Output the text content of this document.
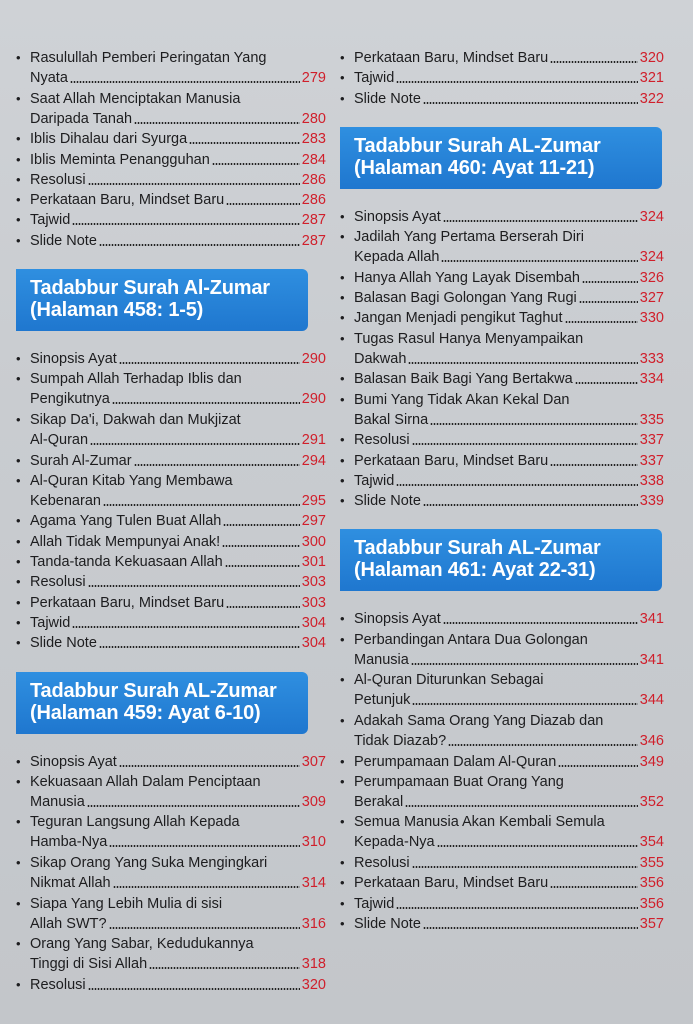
• Rasulullah Pemberi Peringatan Yang
Nyata	279
• Saat Allah Menciptakan Manusia
Daripada Tanah	280
• Iblis Dihalau dari Syurga	283
• Iblis Meminta Penangguhan	284
• Resolusi	286
• Perkataan Baru, Mindset Baru	286
• Tajwid	287
• Slide Note	287
Tadabbur Surah Al-Zumar
(Halaman 458: 1-5)
• Sinopsis Ayat	290
• Sumpah Allah Terhadap Iblis dan
Pengikutnya	290
• Sikap Da'i, Dakwah dan Mukjizat
Al-Quran	291
• Surah Al-Zumar	294
• Al-Quran Kitab Yang Membawa
Kebenaran	295
• Agama Yang Tulen Buat Allah	297
• Allah Tidak Mempunyai Anak!	300
• Tanda-tanda Kekuasaan Allah	301
• Resolusi	303
• Perkataan Baru, Mindset Baru	303
• Tajwid	304
• Slide Note	304
Tadabbur Surah AL-Zumar
(Halaman 459: Ayat 6-10)
• Sinopsis Ayat	307
• Kekuasaan Allah Dalam Penciptaan
Manusia	309
• Teguran Langsung Allah Kepada
Hamba-Nya	310
• Sikap Orang Yang Suka Mengingkari
Nikmat Allah	314
• Siapa Yang Lebih Mulia di sisi
Allah SWT?	316
• Orang Yang Sabar, Kedudukannya
Tinggi di Sisi Allah	318
• Resolusi	320
• Perkataan Baru, Mindset Baru	320
• Tajwid	321
• Slide Note	322
Tadabbur Surah AL-Zumar
(Halaman 460: Ayat 11-21)
• Sinopsis Ayat	324
• Jadilah Yang Pertama Berserah Diri
Kepada Allah	324
• Hanya Allah Yang Layak Disembah	326
• Balasan Bagi Golongan Yang Rugi	327
• Jangan Menjadi pengikut Taghut	330
• Tugas Rasul Hanya Menyampaikan
Dakwah	333
• Balasan Baik Bagi Yang Bertakwa	334
• Bumi Yang Tidak Akan Kekal Dan
Bakal Sirna	335
• Resolusi	337
• Perkataan Baru, Mindset Baru	337
• Tajwid	338
• Slide Note	339
Tadabbur Surah AL-Zumar
(Halaman 461: Ayat 22-31)
• Sinopsis Ayat	341
• Perbandingan Antara Dua Golongan
Manusia	341
• Al-Quran Diturunkan Sebagai
Petunjuk	344
• Adakah Sama Orang Yang Diazab dan
Tidak Diazab?	346
• Perumpamaan Dalam Al-Quran	349
• Perumpamaan Buat Orang Yang
Berakal	352
• Semua Manusia Akan Kembali Semula
Kepada-Nya	354
• Resolusi	355
• Perkataan Baru, Mindset Baru	356
• Tajwid	356
• Slide Note	357
